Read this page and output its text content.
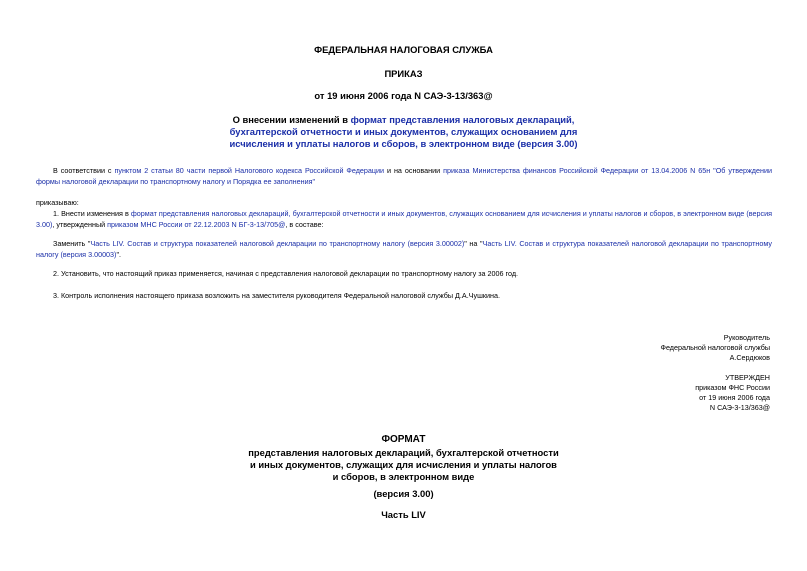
ФЕДЕРАЛЬНАЯ НАЛОГОВАЯ СЛУЖБА
ПРИКАЗ
от 19 июня 2006 года N САЭ-3-13/363@

О внесении изменений в формат представления налоговых деклараций,

бухгалтерской отчетности и иных документов, служащих основанием для

исчисления и уплаты налогов и сборов, в электронном виде (версия 3.00)

В соответствии с пунктом 2 статьи 80 части первой Налогового кодекса Российской Федерации и на основании приказа Министерства финансов Российской Федерации от 13.04.2006 N 65н "Об утверждении

формы налоговой декларации по транспортному налогу и Порядка ее заполнения"

приказываю:

1. Внести изменения в формат представления налоговых деклараций, бухгалтерской отчетности и иных документов, служащих основанием для исчисления и уплаты налогов и сборов, в электронном виде (версия

3.00), утвержденный приказом МНС России от 22.12.2003 N БГ-3-13/705@, в составе:

Заменить "Часть LIV. Состав и структура показателей налоговой декларации по транспортному налогу (версия 3.00002)" на "Часть LIV. Состав и структура показателей налоговой декларации по транспортному

налогу (версия 3.00003)".

2. Установить, что настоящий приказ применяется, начиная с представления налоговой декларации по транспортному налогу за 2006 год.
3. Контроль исполнения настоящего приказа возложить на заместителя руководителя Федеральной налоговой службы Д.А.Чушкина.

Руководитель

Федеральной налоговой службы

А.Сердюков

УТВЕРЖДЕН

приказом ФНС России

от 19 июня 2006 года

N САЭ-3-13/363@

ФОРМАТ

представления налоговых деклараций, бухгалтерской отчетности

и иных документов, служащих для исчисления и уплаты налогов

и сборов, в электронном виде

(версия 3.00)
Часть LIV
